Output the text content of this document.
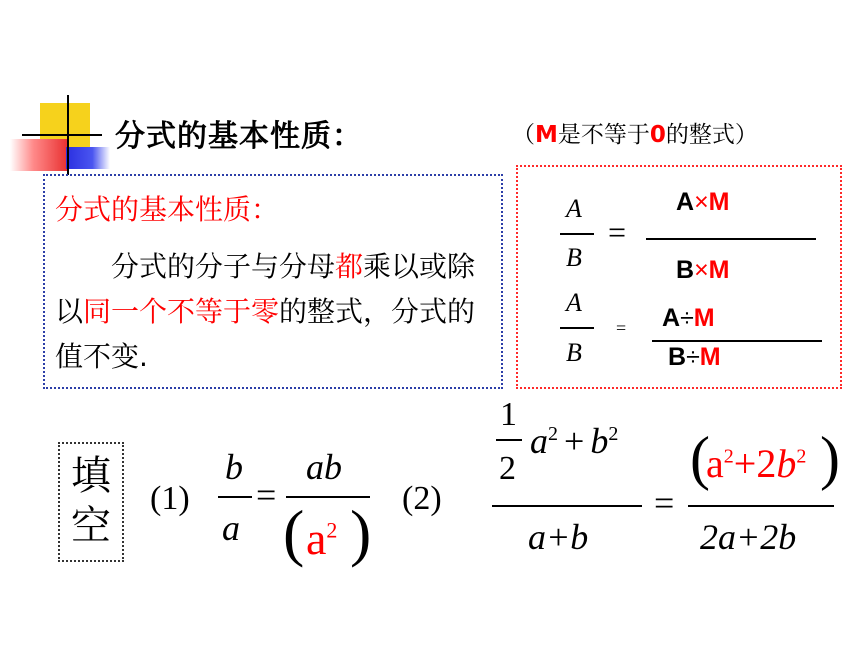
分式的基本性质：	（M是不等于0的整式）
分式的基本性质：
分式的分子与分母都乘以或除以同一个不等于零的整式，分式的值不变.
A
B
=
A×M
B×M
A
B
= A÷M
B÷M
填空
(1)
b
a
=
ab
( $a^2$ ) (2)
1
2
$a^2 + b^2$
a+b
=
(
$a^2+2b^2$ )
2a+2b
